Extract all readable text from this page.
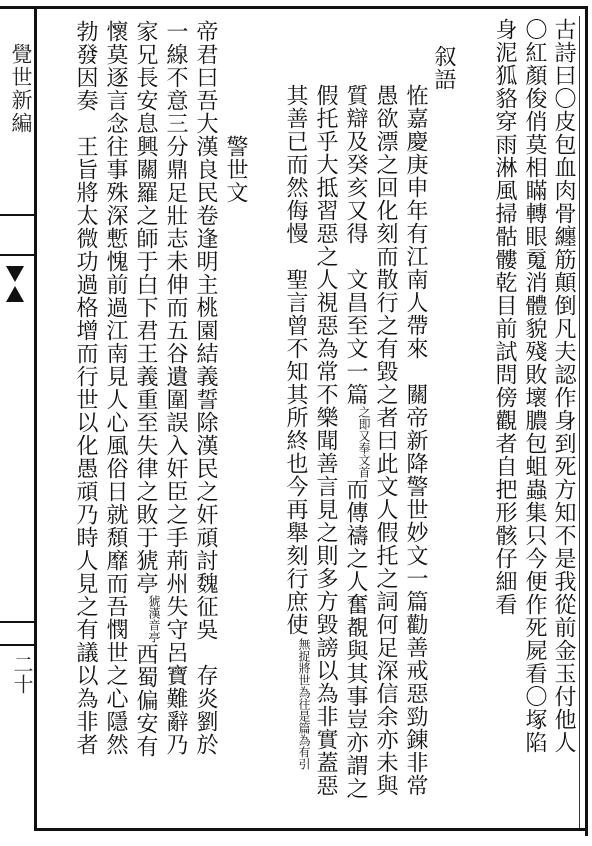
覺世新編
二十	古詩曰〇皮包血肉骨纏筋顛倒凡夫認作身到死方知不是我從前金玉付他人
〇紅顏俊俏莫相瞞轉眼䰟消體貌殘敗壞膿包蛆蟲集只今便作死屍看〇塚陷
身泥狐貉穿雨淋風掃骷髏乾目前試問傍觀者自把形骸仔細看
叙語
恠嘉慶庚申年有江南人帶來　關帝新降警世妙文一篇勸善戒惡勁錬非常
愚欲漂之回化刻而散行之有毀之者曰此文人假托之詞何足深信余亦未與
質辯及癸亥又得　文昌至文一篇
即
之
奉
又
首
文
而傳禱之人奮覩與其事豈亦謂之
假托乎大抵習惡之人視惡為常不樂聞善言見之則多方毀謗以為非實蓋惡
其善已而然侮慢　聖言曾不知其所終也今再舉刻行庶使
捉
無
世
將
往
為
篇
是
有
為
引
警世文
帝君曰吾大漢良民卷逢明主桃園結義誓除漢民之奸頑討魏征吳　存炎劉於
一線不意三分鼎足壯志未伸而五谷遺圍誤入奸臣之手荊州失守呂寶難辭乃
家兄長安息興關羅之師于白下君王義重至失律之敗于猇亭
漢
猇
亭
音
西蜀偏安有
懷莫逐言念往事殊深慙愧前過江南見人心風俗日就頹靡而吾憫世之心隱然
勃發因奏　王旨將太微功過格增而行世以化愚頑乃時人見之有議以為非者
